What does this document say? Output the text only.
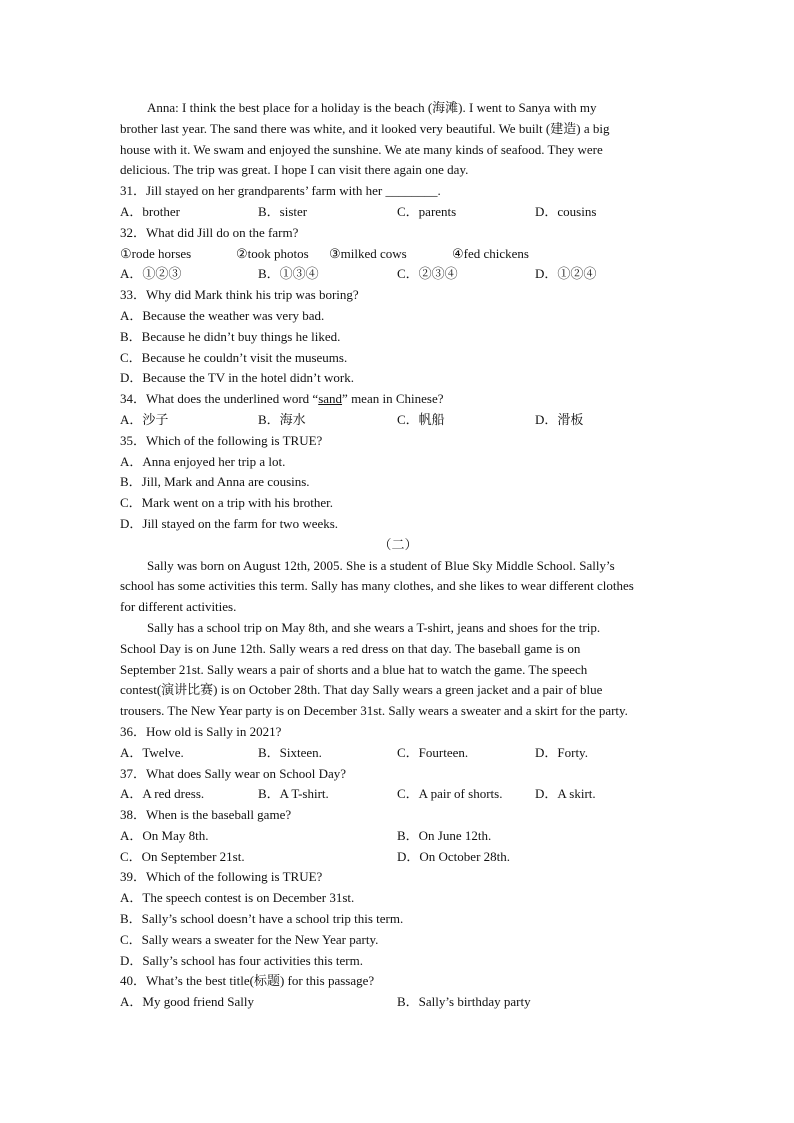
Anna: I think the best place for a holiday is the beach (海滩). I went to Sanya with my
brother last year. The sand there was white, and it looked very beautiful. We built (建造) a big
house with it. We swam and enjoyed the sunshine. We ate many kinds of seafood. They were
delicious. The trip was great. I hope I can visit there again one day.
31．Jill stayed on her grandparents’ farm with her ________.
A．brother	B．sister	C．parents	D．cousins
32．What did Jill do on the farm?
①rode horses	②took photos ③milked cows	④fed chickens
A．①②③	B．①③④	C．②③④	D．①②④
33．Why did Mark think his trip was boring?
A．Because the weather was very bad.
B．Because he didn’t buy things he liked.
C．Because he couldn’t visit the museums.
D．Because the TV in the hotel didn’t work.
34．What does the underlined word “sand” mean in Chinese?
A．沙子	B．海水	C．帆船	D．滑板
35．Which of the following is TRUE?
A．Anna enjoyed her trip a lot.
B．Jill, Mark and Anna are cousins.
C．Mark went on a trip with his brother.
D．Jill stayed on the farm for two weeks.
（二）
Sally was born on August 12th, 2005. She is a student of Blue Sky Middle School. Sally’s
school has some activities this term. Sally has many clothes, and she likes to wear different clothes
for different activities.
Sally has a school trip on May 8th, and she wears a T-shirt, jeans and shoes for the trip.
School Day is on June 12th. Sally wears a red dress on that day. The baseball game is on
September 21st. Sally wears a pair of shorts and a blue hat to watch the game. The speech
contest(演讲比赛) is on October 28th. That day Sally wears a green jacket and a pair of blue
trousers. The New Year party is on December 31st. Sally wears a sweater and a skirt for the party.
36．How old is Sally in 2021?
A．Twelve.	B．Sixteen.	C．Fourteen.	D．Forty.
37．What does Sally wear on School Day?
A．A red dress.	B．A T-shirt.	C．A pair of shorts.	D．A skirt.
38．When is the baseball game?
A．On May 8th.	B．On June 12th.
C．On September 21st.	D．On October 28th.
39．Which of the following is TRUE?
A．The speech contest is on December 31st.
B．Sally’s school doesn’t have a school trip this term.
C．Sally wears a sweater for the New Year party.
D．Sally’s school has four activities this term.
40．What’s the best title(标题) for this passage?
A．My good friend Sally	B．Sally’s birthday party
